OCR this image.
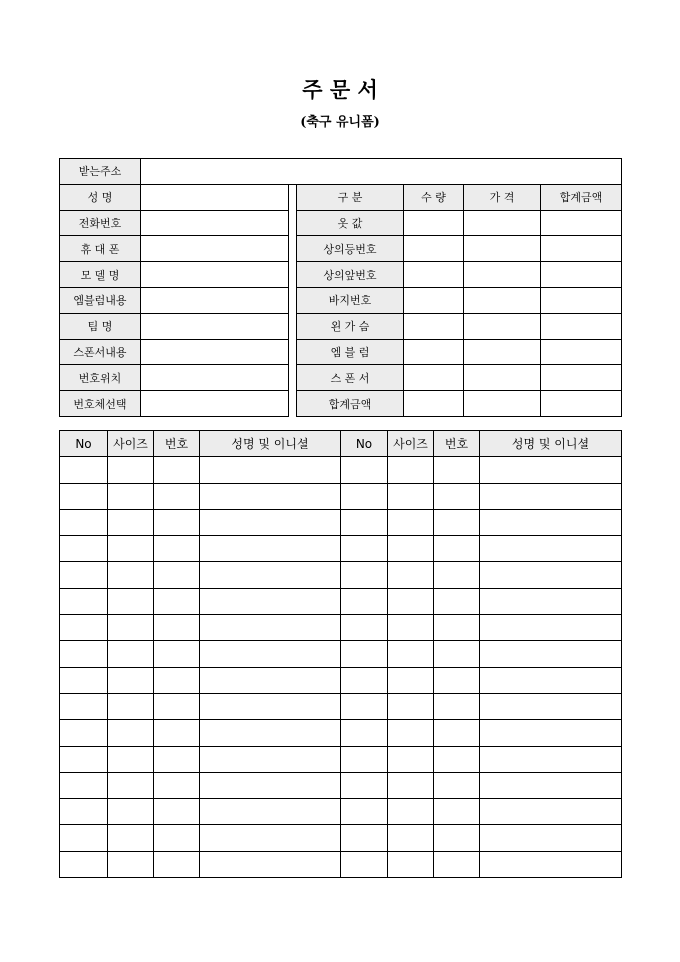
주 문 서
(축구 유니폼)
받는주소						
성 명			구 분	수 량	가 격	합계금액
전화번호			옷 값			
휴 대 폰			상의등번호			
모 델 명			상의앞번호			
엠블럼내용			바지번호			
팀 명			왼 가 슴			
스폰서내용			엠 블 럼			
번호위치			스 폰 서			
번호체선택			합계금액			
No	사이즈	번호	성명 및 이니셜	No	사이즈	번호	성명 및 이니셜
